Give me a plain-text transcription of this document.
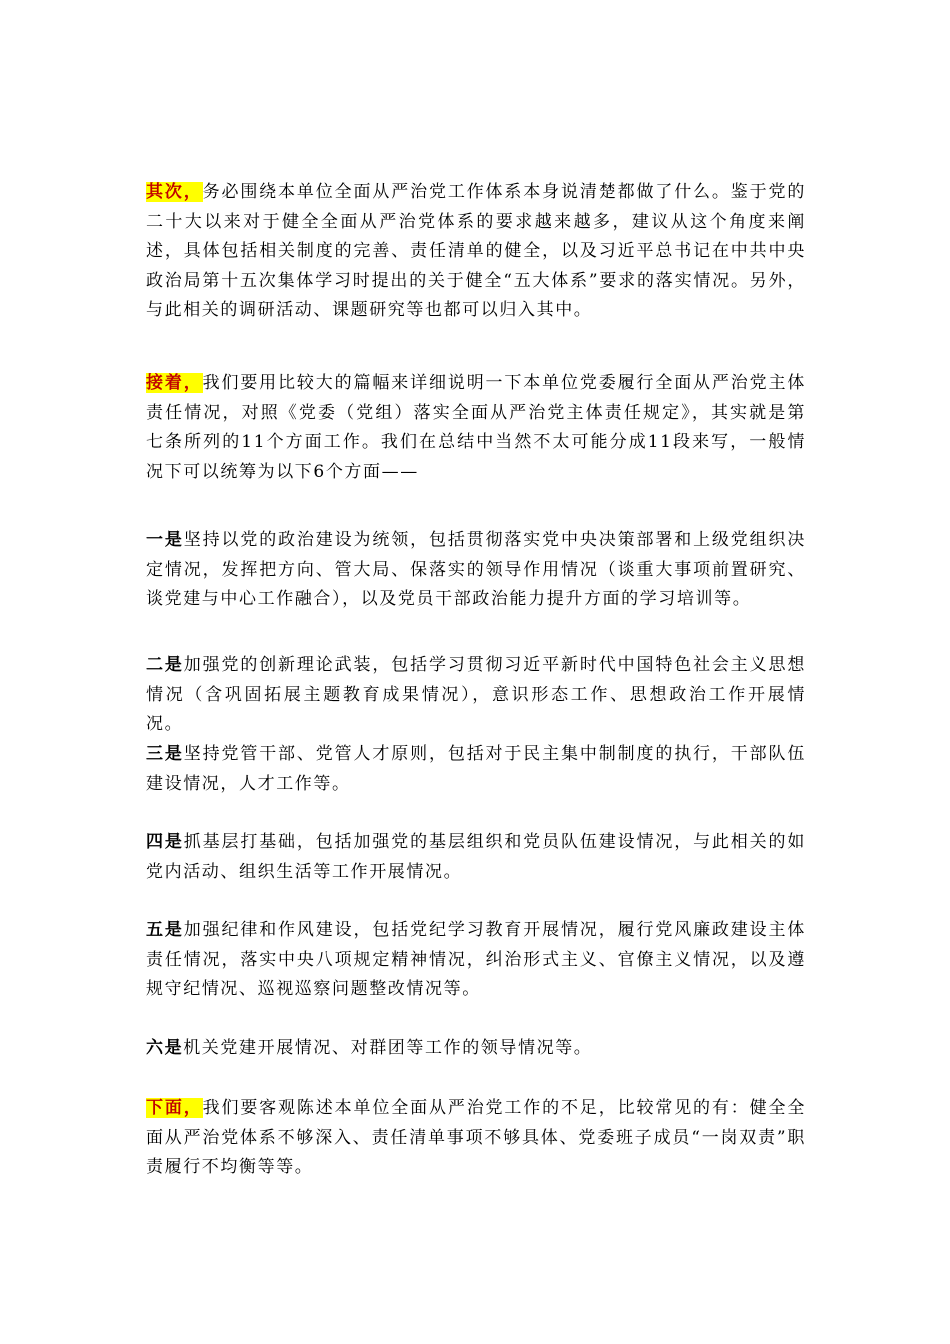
其次，务必围绕本单位全面从严治党工作体系本身说清楚都做了什么。鉴于党的二十大以来对于健全全面从严治党体系的要求越来越多，建议从这个角度来阐述，具体包括相关制度的完善、责任清单的健全，以及习近平总书记在中共中央政治局第十五次集体学习时提出的关于健全“五大体系”要求的落实情况。另外，与此相关的调研活动、课题研究等也都可以归入其中。

接着，我们要用比较大的篇幅来详细说明一下本单位党委履行全面从严治党主体责任情况，对照《党委（党组）落实全面从严治党主体责任规定》，其实就是第七条所列的11个方面工作。我们在总结中当然不太可能分成11段来写，一般情况下可以统筹为以下6个方面——

一是坚持以党的政治建设为统领，包括贯彻落实党中央决策部署和上级党组织决定情况，发挥把方向、管大局、保落实的领导作用情况（谈重大事项前置研究、谈党建与中心工作融合），以及党员干部政治能力提升方面的学习培训等。

二是加强党的创新理论武装，包括学习贯彻习近平新时代中国特色社会主义思想情况（含巩固拓展主题教育成果情况），意识形态工作、思想政治工作开展情况。

三是坚持党管干部、党管人才原则，包括对于民主集中制制度的执行，干部队伍建设情况，人才工作等。

四是抓基层打基础，包括加强党的基层组织和党员队伍建设情况，与此相关的如党内活动、组织生活等工作开展情况。

五是加强纪律和作风建设，包括党纪学习教育开展情况，履行党风廉政建设主体责任情况，落实中央八项规定精神情况，纠治形式主义、官僚主义情况，以及遵规守纪情况、巡视巡察问题整改情况等。

六是机关党建开展情况、对群团等工作的领导情况等。

下面，我们要客观陈述本单位全面从严治党工作的不足，比较常见的有：健全全面从严治党体系不够深入、责任清单事项不够具体、党委班子成员“一岗双责”职责履行不均衡等等。
